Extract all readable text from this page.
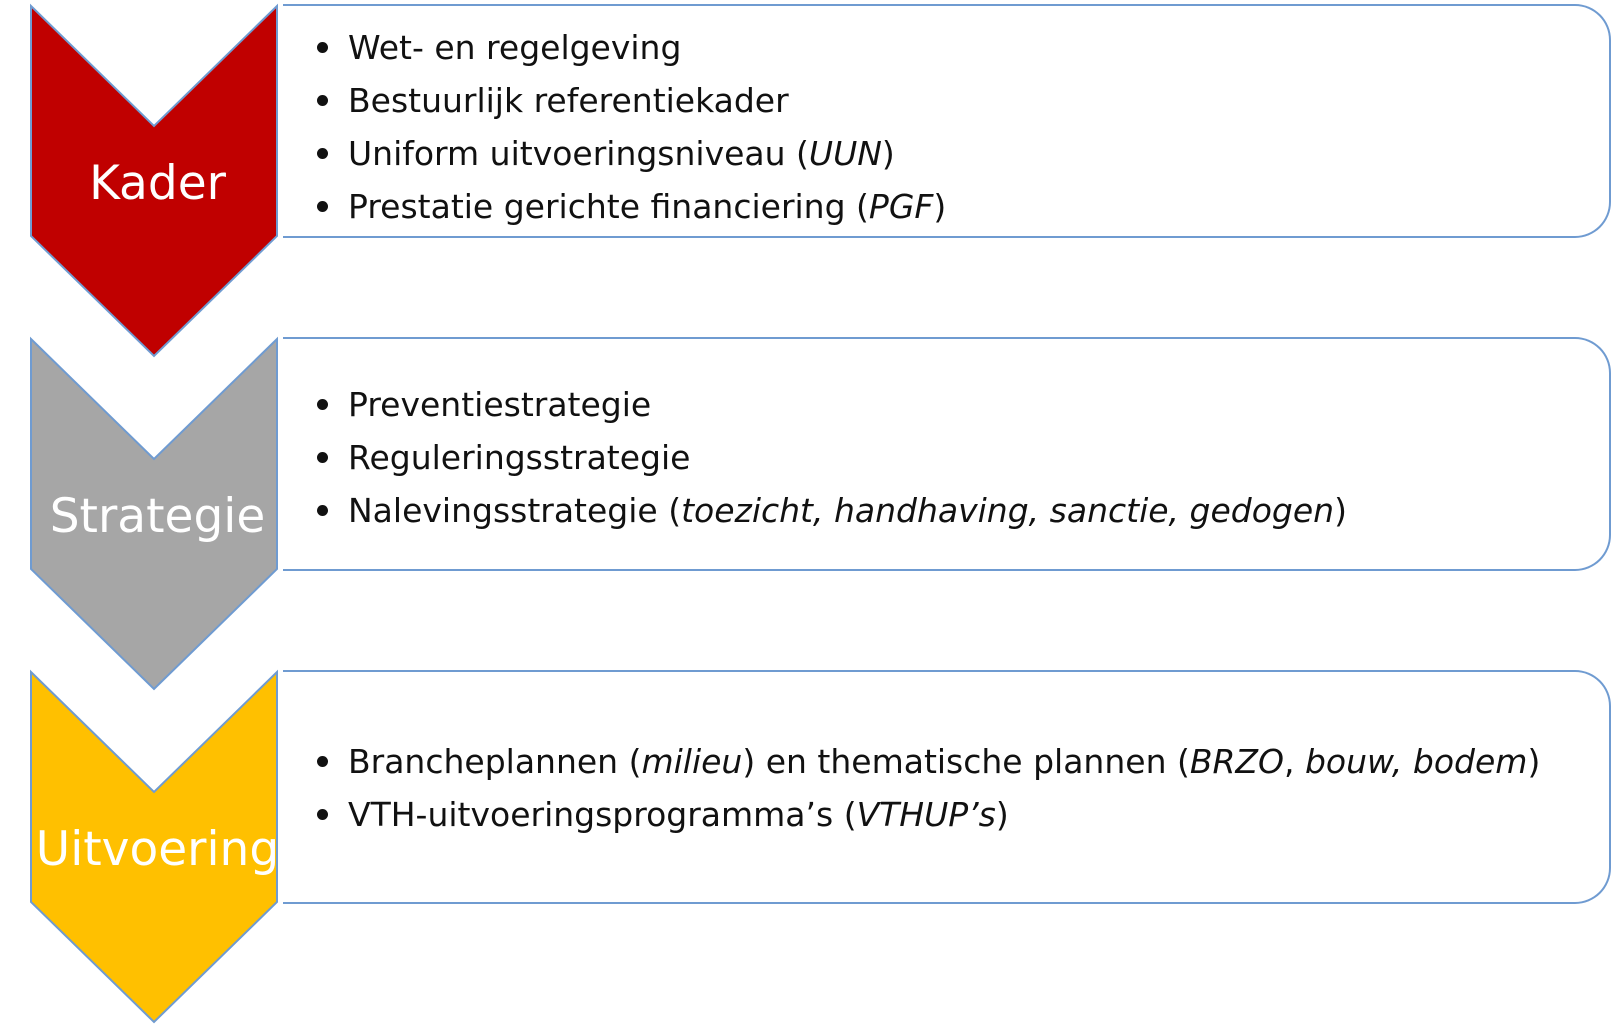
Kader
Wet- en regelgeving
Bestuurlijk referentiekader
Uniform uitvoeringsniveau (UUN)
Prestatie gerichte financiering (PGF)
Strategie
Preventiestrategie
Reguleringsstrategie
Nalevingsstrategie (toezicht, handhaving, sanctie, gedogen)
Uitvoering
Brancheplannen (milieu) en thematische plannen (BRZO, bouw, bodem)
VTH-uitvoeringsprogramma’s (VTHUP’s)
